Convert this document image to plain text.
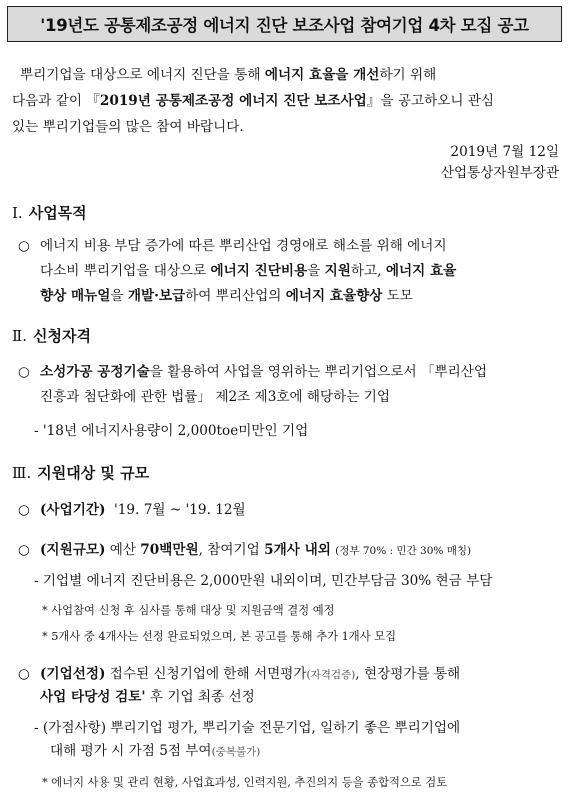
'19년도 공통제조공정 에너지 진단 보조사업 참여기업 4차 모집 공고
뿌리기업을 대상으로 에너지 진단을 통해 에너지 효율을 개선하기 위해
다음과 같이 『2019년 공통제조공정 에너지 진단 보조사업』을 공고하오니 관심
있는 뿌리기업들의 많은 참여 바랍니다.
2019년 7월 12일
산업통상자원부장관
Ⅰ. 사업목적
○ 에너지 비용 부담 증가에 따른 뿌리산업 경영애로 해소를 위해 에너지
다소비 뿌리기업을 대상으로 에너지 진단비용을 지원하고, 에너지 효율
향상 매뉴얼을 개발·보급하여 뿌리산업의 에너지 효율향상 도모
Ⅱ. 신청자격
○ 소성가공 공정기술을 활용하여 사업을 영위하는 뿌리기업으로서 「뿌리산업
진흥과 첨단화에 관한 법률」 제2조 제3호에 해당하는 기업
- '18년 에너지사용량이 2,000toe미만인 기업
Ⅲ. 지원대상 및 규모
○ (사업기간) '19. 7월 ~ '19. 12월
○ (지원규모) 예산 70백만원, 참여기업 5개사 내외 (정부 70% : 민간 30% 매칭)
- 기업별 에너지 진단비용은 2,000만원 내외이며, 민간부담금 30% 현금 부담
* 사업참여 신청 후 심사를 통해 대상 및 지원금액 결정 예정
* 5개사 중 4개사는 선정 완료되었으며, 본 공고를 통해 추가 1개사 모집
○ (기업선정) 접수된 신청기업에 한해 서면평가(자격검증), 현장평가를 통해
사업 타당성 검토' 후 기업 최종 선정
- (가점사항) 뿌리기업 평가, 뿌리기술 전문기업, 일하기 좋은 뿌리기업에
대해 평가 시 가점 5점 부여(중복불가)
* 에너지 사용 및 관리 현황, 사업효과성, 인력지원, 추진의지 등을 종합적으로 검토
